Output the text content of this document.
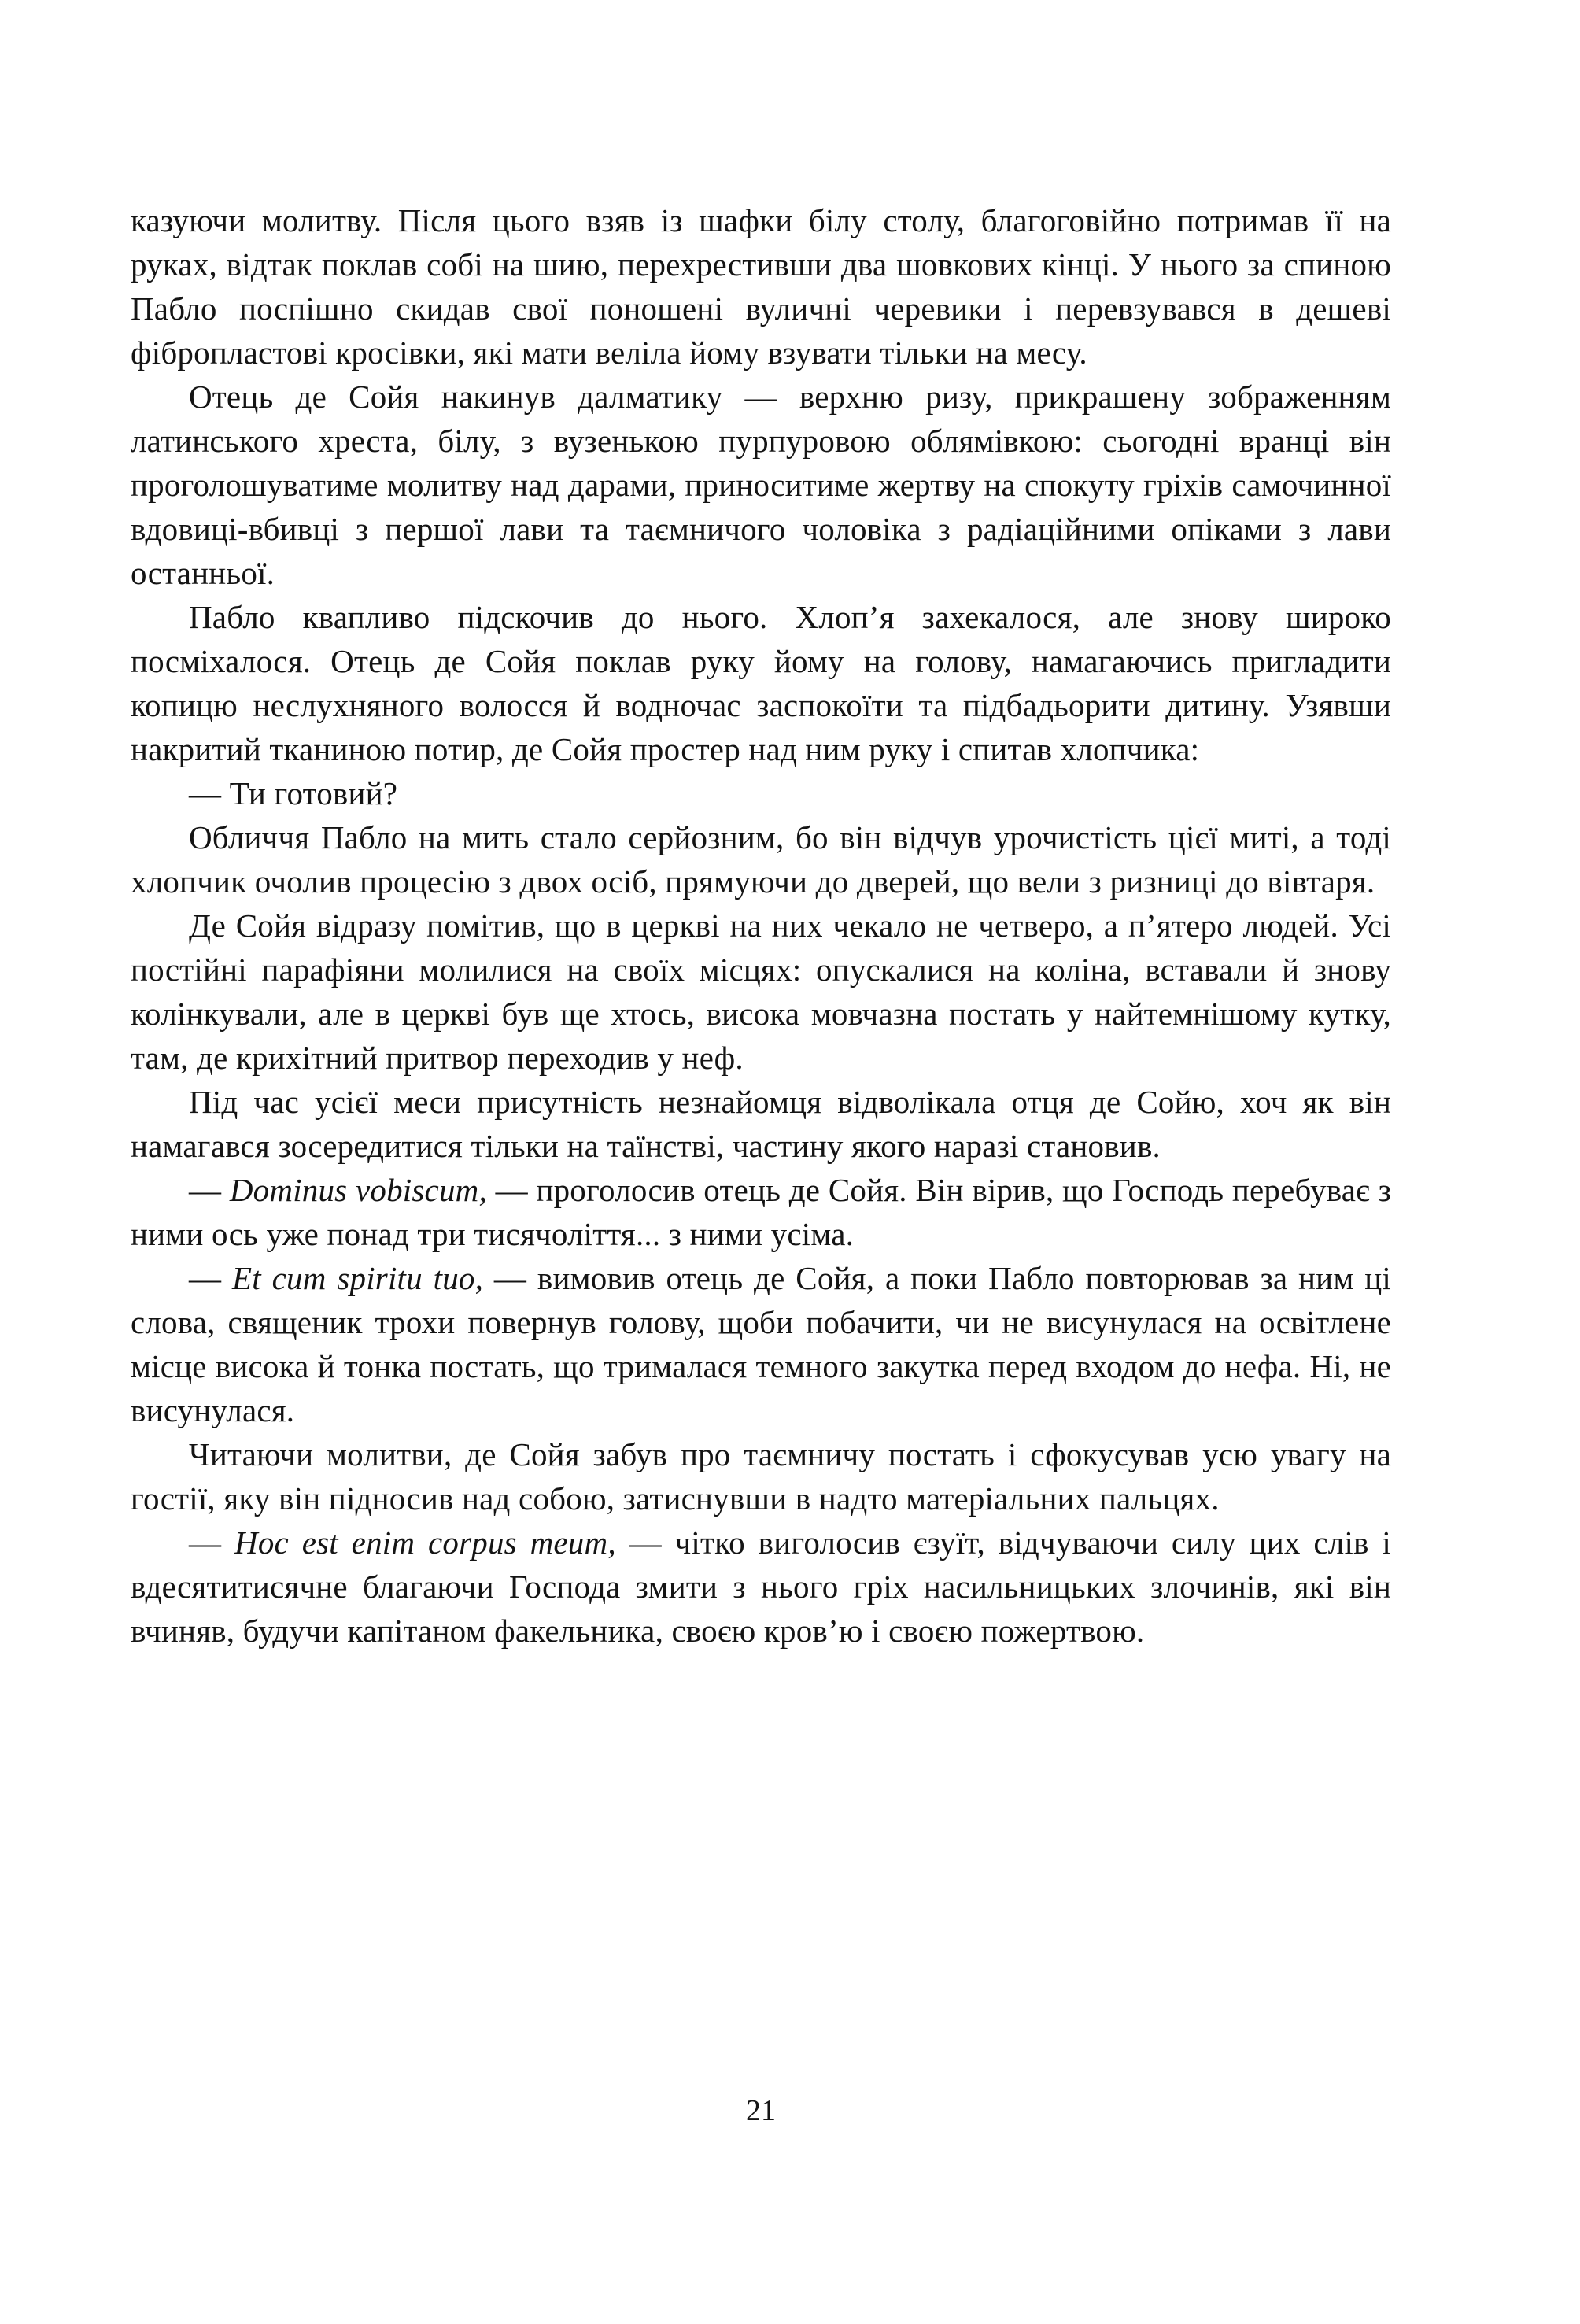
казуючи молитву. Після цього взяв із шафки білу столу, благоговійно потримав її на руках, відтак поклав собі на шию, перехрестивши два шовкових кінці. У нього за спиною Пабло поспішно скидав свої поношені вуличні черевики і перевзувався в дешеві фібропластові кросівки, які мати веліла йому взувати тільки на месу.

Отець де Сойя накинув далматику — верхню ризу, прикрашену зображенням латинського хреста, білу, з вузенькою пурпуровою облямівкою: сьогодні вранці він проголошуватиме молитву над дарами, приноситиме жертву на спокуту гріхів самочинної вдовиці-вбивці з першої лави та таємничого чоловіка з радіаційними опіками з лави останньої.

Пабло квапливо підскочив до нього. Хлоп’я захекалося, але знову широко посміхалося. Отець де Сойя поклав руку йому на голову, намагаючись пригладити копицю неслухняного волосся й водночас заспокоїти та підбадьорити дитину. Узявши накритий тканиною потир, де Сойя простер над ним руку і спитав хлопчика:

— Ти готовий?

Обличчя Пабло на мить стало серйозним, бо він відчув урочистість цієї миті, а тоді хлопчик очолив процесію з двох осіб, прямуючи до дверей, що вели з ризниці до вівтаря.

Де Сойя відразу помітив, що в церкві на них чекало не четверо, а п’ятеро людей. Усі постійні парафіяни молилися на своїх місцях: опускалися на коліна, вставали й знову колінкували, але в церкві був ще хтось, висока мовчазна постать у найтемнішому кутку, там, де крихітний притвор переходив у неф.

Під час усієї меси присутність незнайомця відволікала отця де Сойю, хоч як він намагався зосередитися тільки на таїнстві, частину якого наразі становив.

— Dominus vobiscum, — проголосив отець де Сойя. Він вірив, що Господь перебуває з ними ось уже понад три тисячоліття... з ними усіма.

— Et cum spiritu tuo, — вимовив отець де Сойя, а поки Пабло повторював за ним ці слова, священик трохи повернув голову, щоби побачити, чи не висунулася на освітлене місце висока й тонка постать, що трималася темного закутка перед входом до нефа. Ні, не висунулася.

Читаючи молитви, де Сойя забув про таємничу постать і сфокусував усю увагу на гостії, яку він підносив над собою, затиснувши в надто матеріальних пальцях.

— Hoc est enim corpus meum, — чітко виголосив єзуїт, відчуваючи силу цих слів і вдесятитисячне благаючи Господа змити з нього гріх насильницьких злочинів, які він вчиняв, будучи капітаном факельника, своєю кров’ю і своєю пожертвою.

21
